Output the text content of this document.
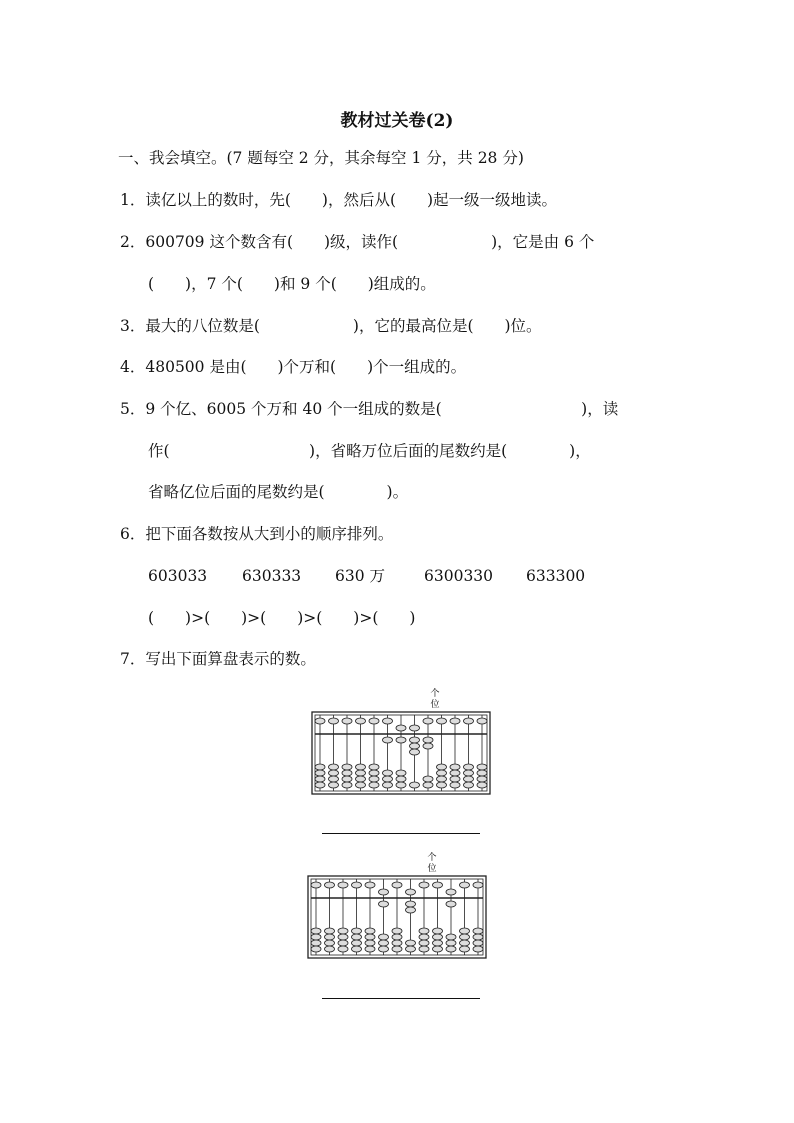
教材过关卷(2)
一、我会填空。(7 题每空 2 分，其余每空 1 分，共 28 分)
1．读亿以上的数时，先(　　)，然后从(　　)起一级一级地读。
2．600709 这个数含有(　　)级，读作(　　　　　　)，它是由 6 个
(　　)，7 个(　　)和 9 个(　　)组成的。
3．最大的八位数是(　　　　　　)，它的最高位是(　　)位。
4．480500 是由(　　)个万和(　　)个一组成的。
5．9 个亿、6005 个万和 40 个一组成的数是(　　　　　　　　　)，读
作(　　　　　　　　　)，省略万位后面的尾数约是(　　　　)，
省略亿位后面的尾数约是(　　　　)。
6．把下面各数按从大到小的顺序排列。
603033 630333 630 万	6300330 633300
(　　)>(　　)>(　　)>(　　)>(　　)
7．写出下面算盘表示的数。
个
位
个
位
